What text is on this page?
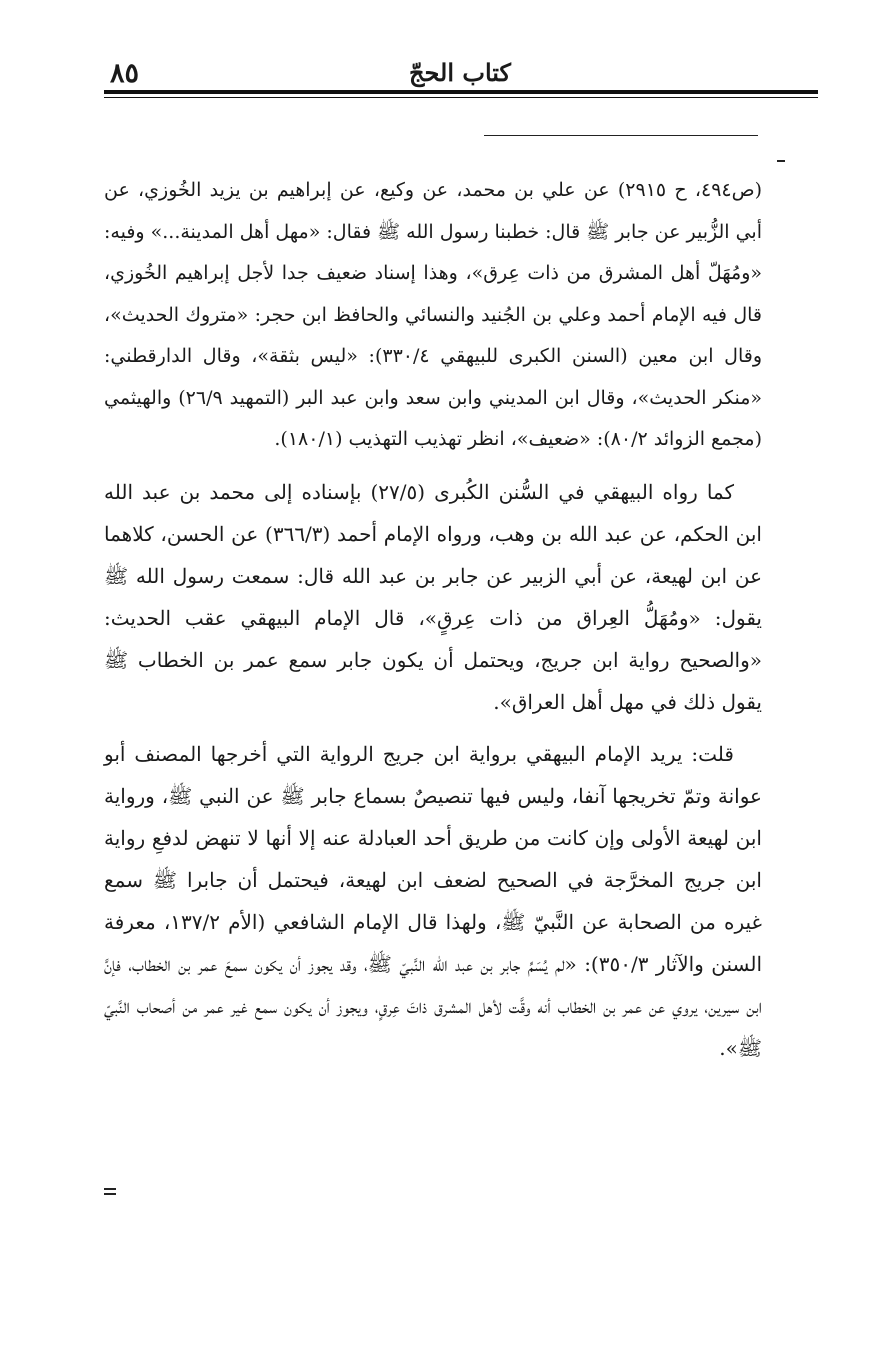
٨٥	كتاب الحجّ

(ص٤٩٤، ح ٢٩١٥) عن علي بن محمد، عن وكيع، عن إبراهيم بن يزيد الخُوزي، عن أبي الزُّبير عن جابر ﷺ قال: خطبنا رسول الله ﷺ فقال: «مهل أهل المدينة...» وفيه: «ومُهَلّ أهل المشرق من ذات عِرق»، وهذا إسناد ضعيف جدا لأجل إبراهيم الخُوزي، قال فيه الإمام أحمد وعلي بن الجُنيد والنسائي والحافظ ابن حجر: «متروك الحديث»، وقال ابن معين (السنن الكبرى للبيهقي ٣٣٠/٤): «ليس بثقة»، وقال الدارقطني: «منكر الحديث»، وقال ابن المديني وابن سعد وابن عبد البر (التمهيد ٢٦/٩) والهيثمي (مجمع الزوائد ٨٠/٢): «ضعيف»، انظر تهذيب التهذيب (١٨٠/١).

كما رواه البيهقي في السُّنن الكُبرى (٢٧/٥) بإسناده إلى محمد بن عبد الله ابن الحكم، عن عبد الله بن وهب، ورواه الإمام أحمد (٣٦٦/٣) عن الحسن، كلاهما عن ابن لهيعة، عن أبي الزبير عن جابر بن عبد الله قال: سمعت رسول الله ﷺ يقول: «ومُهَلُّ العِراق من ذات عِرقٍ»، قال الإمام البيهقي عقب الحديث: «والصحيح رواية ابن جريج، ويحتمل أن يكون جابر سمع عمر بن الخطاب ﷺ يقول ذلك في مهل أهل العراق».

قلت: يريد الإمام البيهقي برواية ابن جريج الرواية التي أخرجها المصنف أبو عوانة وتمّ تخريجها آنفا، وليس فيها تنصيصٌ بسماع جابر ﷺ عن النبي ﷺ، ورواية ابن لهيعة الأولى وإن كانت من طريق أحد العبادلة عنه إلا أنها لا تنهض لدفعِ رواية ابن جريج المخرَّجة في الصحيح لضعف ابن لهيعة، فيحتمل أن جابرا ﷺ سمع غيره من الصحابة عن النَّبيّ ﷺ، ولهذا قال الإمام الشافعي (الأم ١٣٧/٢، معرفة السنن والآثار ٣٥٠/٣): «لم يُسَمِّ جابر بن عبد الله النَّبيّ ﷺ، وقد يجوز أن يكون سمعَ عمر بن الخطاب، فإنَّ ابن سيرين، يروي عن عمر بن الخطاب أنه وقَّت لأهل المشرق ذاتَ عِرقٍ، ويجوز أن يكون سمع غير عمر من أصحاب النَّبيّ ﷺ».
